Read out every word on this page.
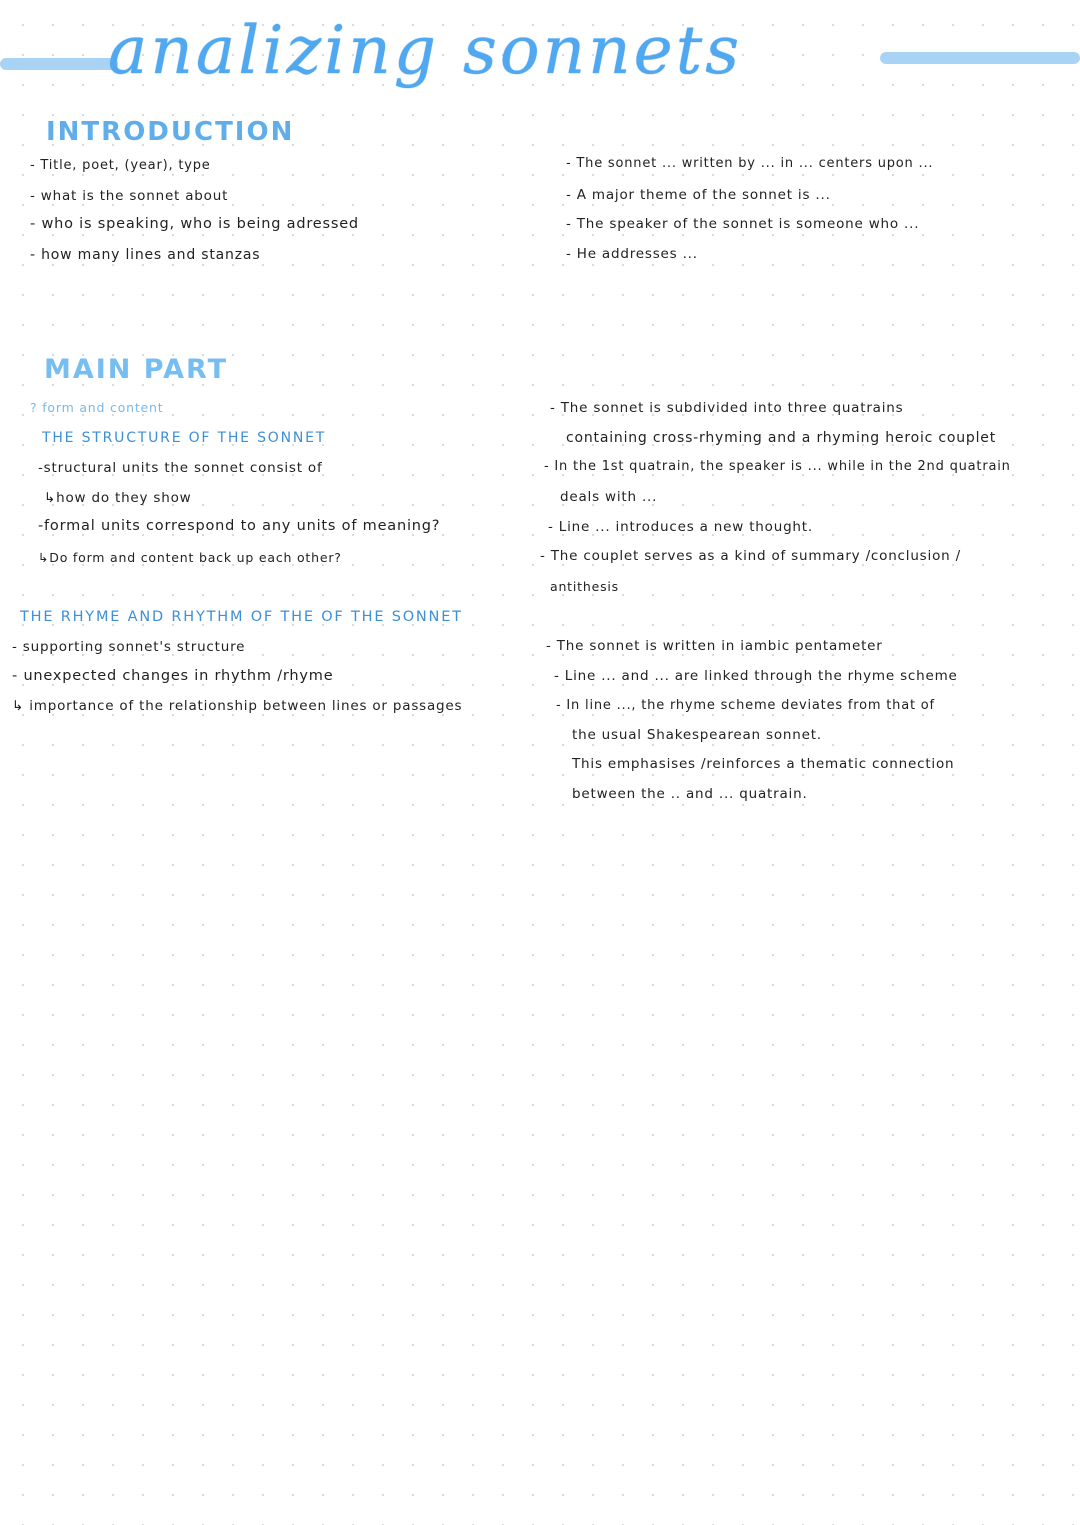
analizing sonnets
INTRODUCTION
- Title, poet, (year), type
- what is the sonnet about
- who is speaking, who is being adressed
- how many lines and stanzas
- The sonnet ... written by ... in ... centers upon ...
- A major theme of the sonnet is ...
- The speaker of the sonnet is someone who ...
- He addresses ...
MAIN PART
? form and content
THE STRUCTURE OF THE SONNET
-structural units the sonnet consist of
↳how do they show
-formal units correspond to any units of meaning?
↳Do form and content back up each other?
- The sonnet is subdivided into three quatrains
containing cross-rhyming and a rhyming heroic couplet
- In the 1st quatrain, the speaker is ... while in the 2nd quatrain
deals with ...
- Line ... introduces a new thought.
- The couplet serves as a kind of summary /conclusion /
antithesis
THE RHYME AND RHYTHM OF THE OF THE SONNET
- supporting sonnet's structure
- unexpected changes in rhythm /rhyme
↳ importance of the relationship between lines or passages
- The sonnet is written in iambic pentameter
- Line ... and ... are linked through the rhyme scheme
- In line ..., the rhyme scheme deviates from that of
the usual Shakespearean sonnet.
This emphasises /reinforces a thematic connection
between the .. and ... quatrain.
